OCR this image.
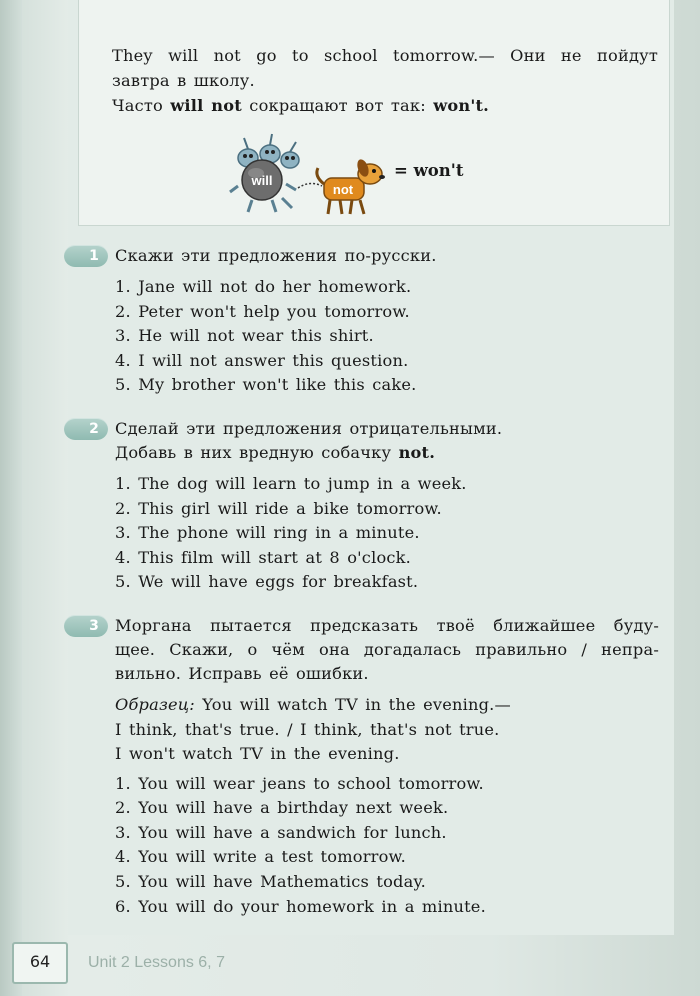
They will not go to school tomorrow.— Они не пойдут
завтра в школу.
Часто will not сокращают вот так: won't.
will
not
= won't
1 Скажи эти предложения по-русски.
1. Jane will not do her homework.
2. Peter won't help you tomorrow.
3. He will not wear this shirt.
4. I will not answer this question.
5. My brother won't like this cake.
2 Сделай эти предложения отрицательными.
Добавь в них вредную собачку not.
1. The dog will learn to jump in a week.
2. This girl will ride a bike tomorrow.
3. The phone will ring in a minute.
4. This film will start at 8 o'clock.
5. We will have eggs for breakfast.
3 Моргана пытается предсказать твоё ближайшее буду-
щее. Скажи, о чём она догадалась правильно / непра-
вильно. Исправь её ошибки.
Образец: You will watch TV in the evening.—
I think, that's true. / I think, that's not true.
I won't watch TV in the evening.
1. You will wear jeans to school tomorrow.
2. You will have a birthday next week.
3. You will have a sandwich for lunch.
4. You will write a test tomorrow.
5. You will have Mathematics today.
6. You will do your homework in a minute.
64	Unit 2 Lessons 6, 7
